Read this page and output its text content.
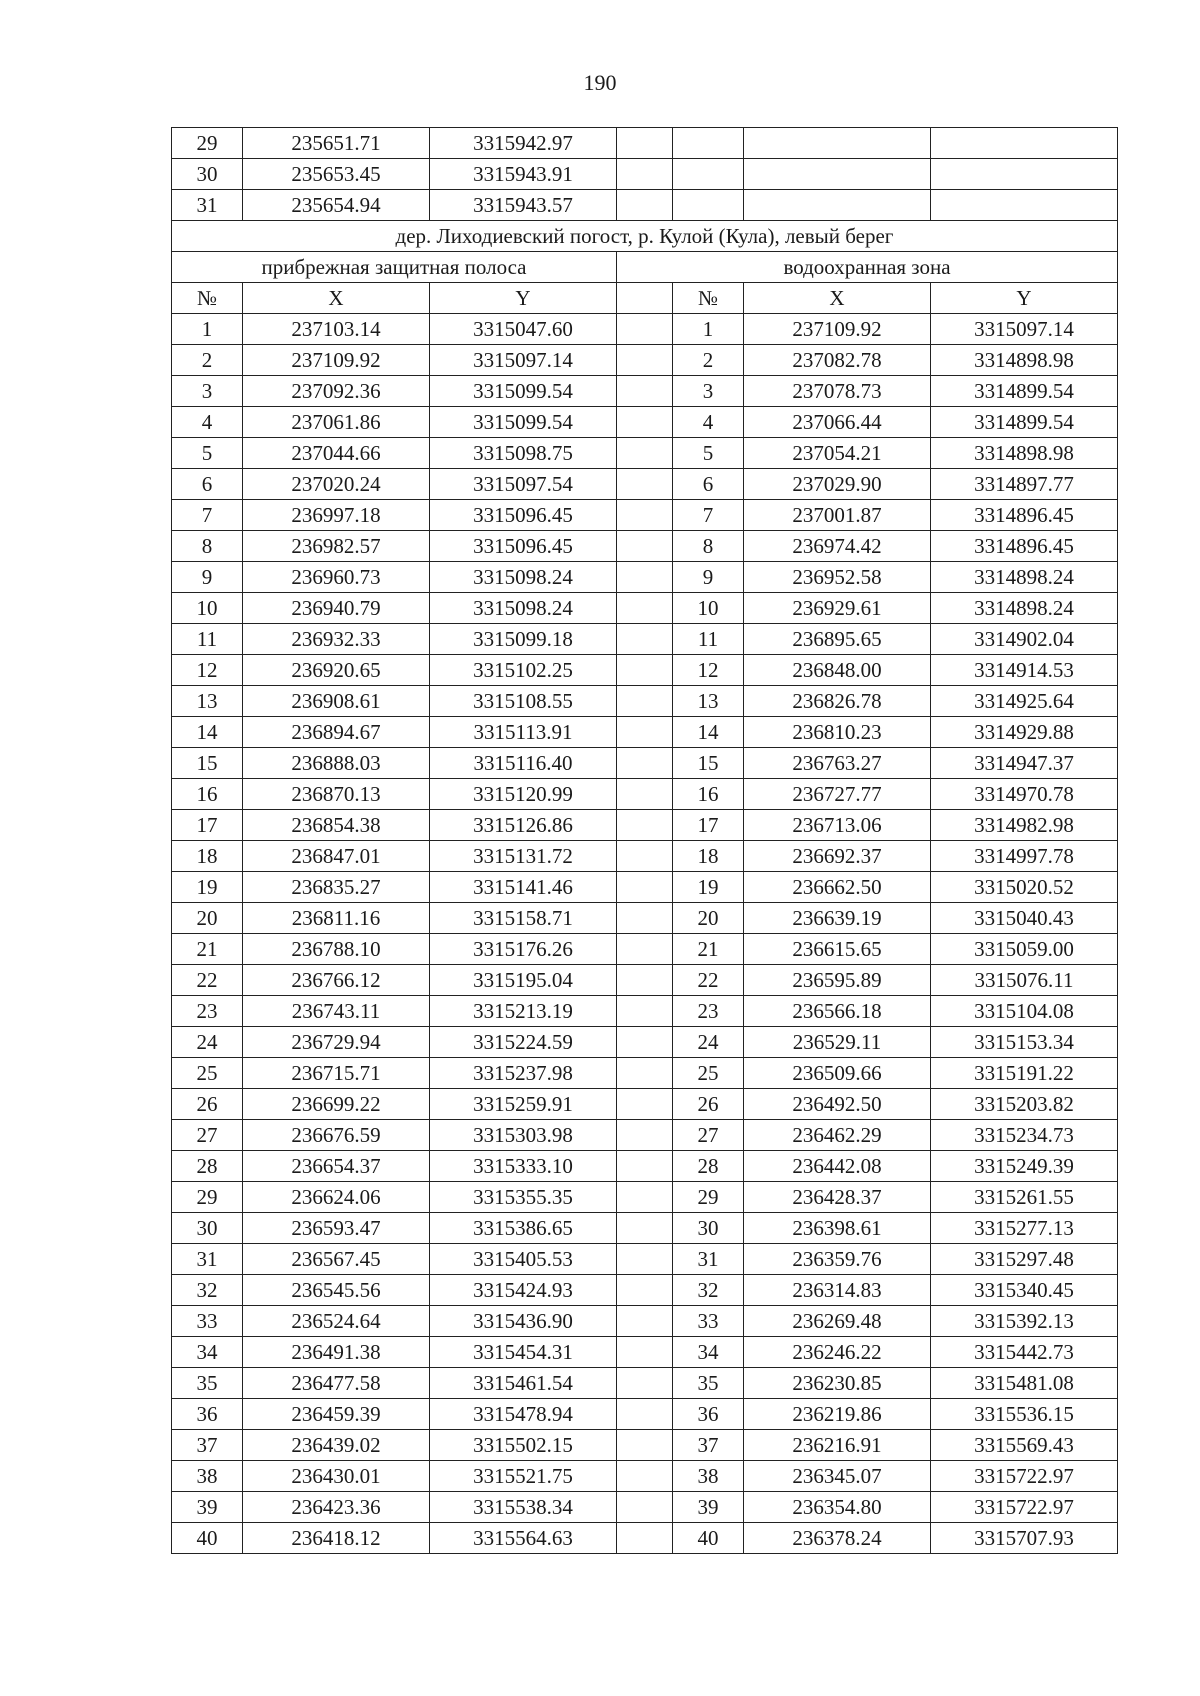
190
29	235651.71	3315942.97				
30	235653.45	3315943.91				
31	235654.94	3315943.57				
дер. Лиходиевский погост, р. Кулой (Кула), левый берег						
прибрежная защитная полоса			водоохранная зона			
№	X	Y		№	X	Y
1	237103.14	3315047.60		1	237109.92	3315097.14
2	237109.92	3315097.14		2	237082.78	3314898.98
3	237092.36	3315099.54		3	237078.73	3314899.54
4	237061.86	3315099.54		4	237066.44	3314899.54
5	237044.66	3315098.75		5	237054.21	3314898.98
6	237020.24	3315097.54		6	237029.90	3314897.77
7	236997.18	3315096.45		7	237001.87	3314896.45
8	236982.57	3315096.45		8	236974.42	3314896.45
9	236960.73	3315098.24		9	236952.58	3314898.24
10	236940.79	3315098.24		10	236929.61	3314898.24
11	236932.33	3315099.18		11	236895.65	3314902.04
12	236920.65	3315102.25		12	236848.00	3314914.53
13	236908.61	3315108.55		13	236826.78	3314925.64
14	236894.67	3315113.91		14	236810.23	3314929.88
15	236888.03	3315116.40		15	236763.27	3314947.37
16	236870.13	3315120.99		16	236727.77	3314970.78
17	236854.38	3315126.86		17	236713.06	3314982.98
18	236847.01	3315131.72		18	236692.37	3314997.78
19	236835.27	3315141.46		19	236662.50	3315020.52
20	236811.16	3315158.71		20	236639.19	3315040.43
21	236788.10	3315176.26		21	236615.65	3315059.00
22	236766.12	3315195.04		22	236595.89	3315076.11
23	236743.11	3315213.19		23	236566.18	3315104.08
24	236729.94	3315224.59		24	236529.11	3315153.34
25	236715.71	3315237.98		25	236509.66	3315191.22
26	236699.22	3315259.91		26	236492.50	3315203.82
27	236676.59	3315303.98		27	236462.29	3315234.73
28	236654.37	3315333.10		28	236442.08	3315249.39
29	236624.06	3315355.35		29	236428.37	3315261.55
30	236593.47	3315386.65		30	236398.61	3315277.13
31	236567.45	3315405.53		31	236359.76	3315297.48
32	236545.56	3315424.93		32	236314.83	3315340.45
33	236524.64	3315436.90		33	236269.48	3315392.13
34	236491.38	3315454.31		34	236246.22	3315442.73
35	236477.58	3315461.54		35	236230.85	3315481.08
36	236459.39	3315478.94		36	236219.86	3315536.15
37	236439.02	3315502.15		37	236216.91	3315569.43
38	236430.01	3315521.75		38	236345.07	3315722.97
39	236423.36	3315538.34		39	236354.80	3315722.97
40	236418.12	3315564.63		40	236378.24	3315707.93
